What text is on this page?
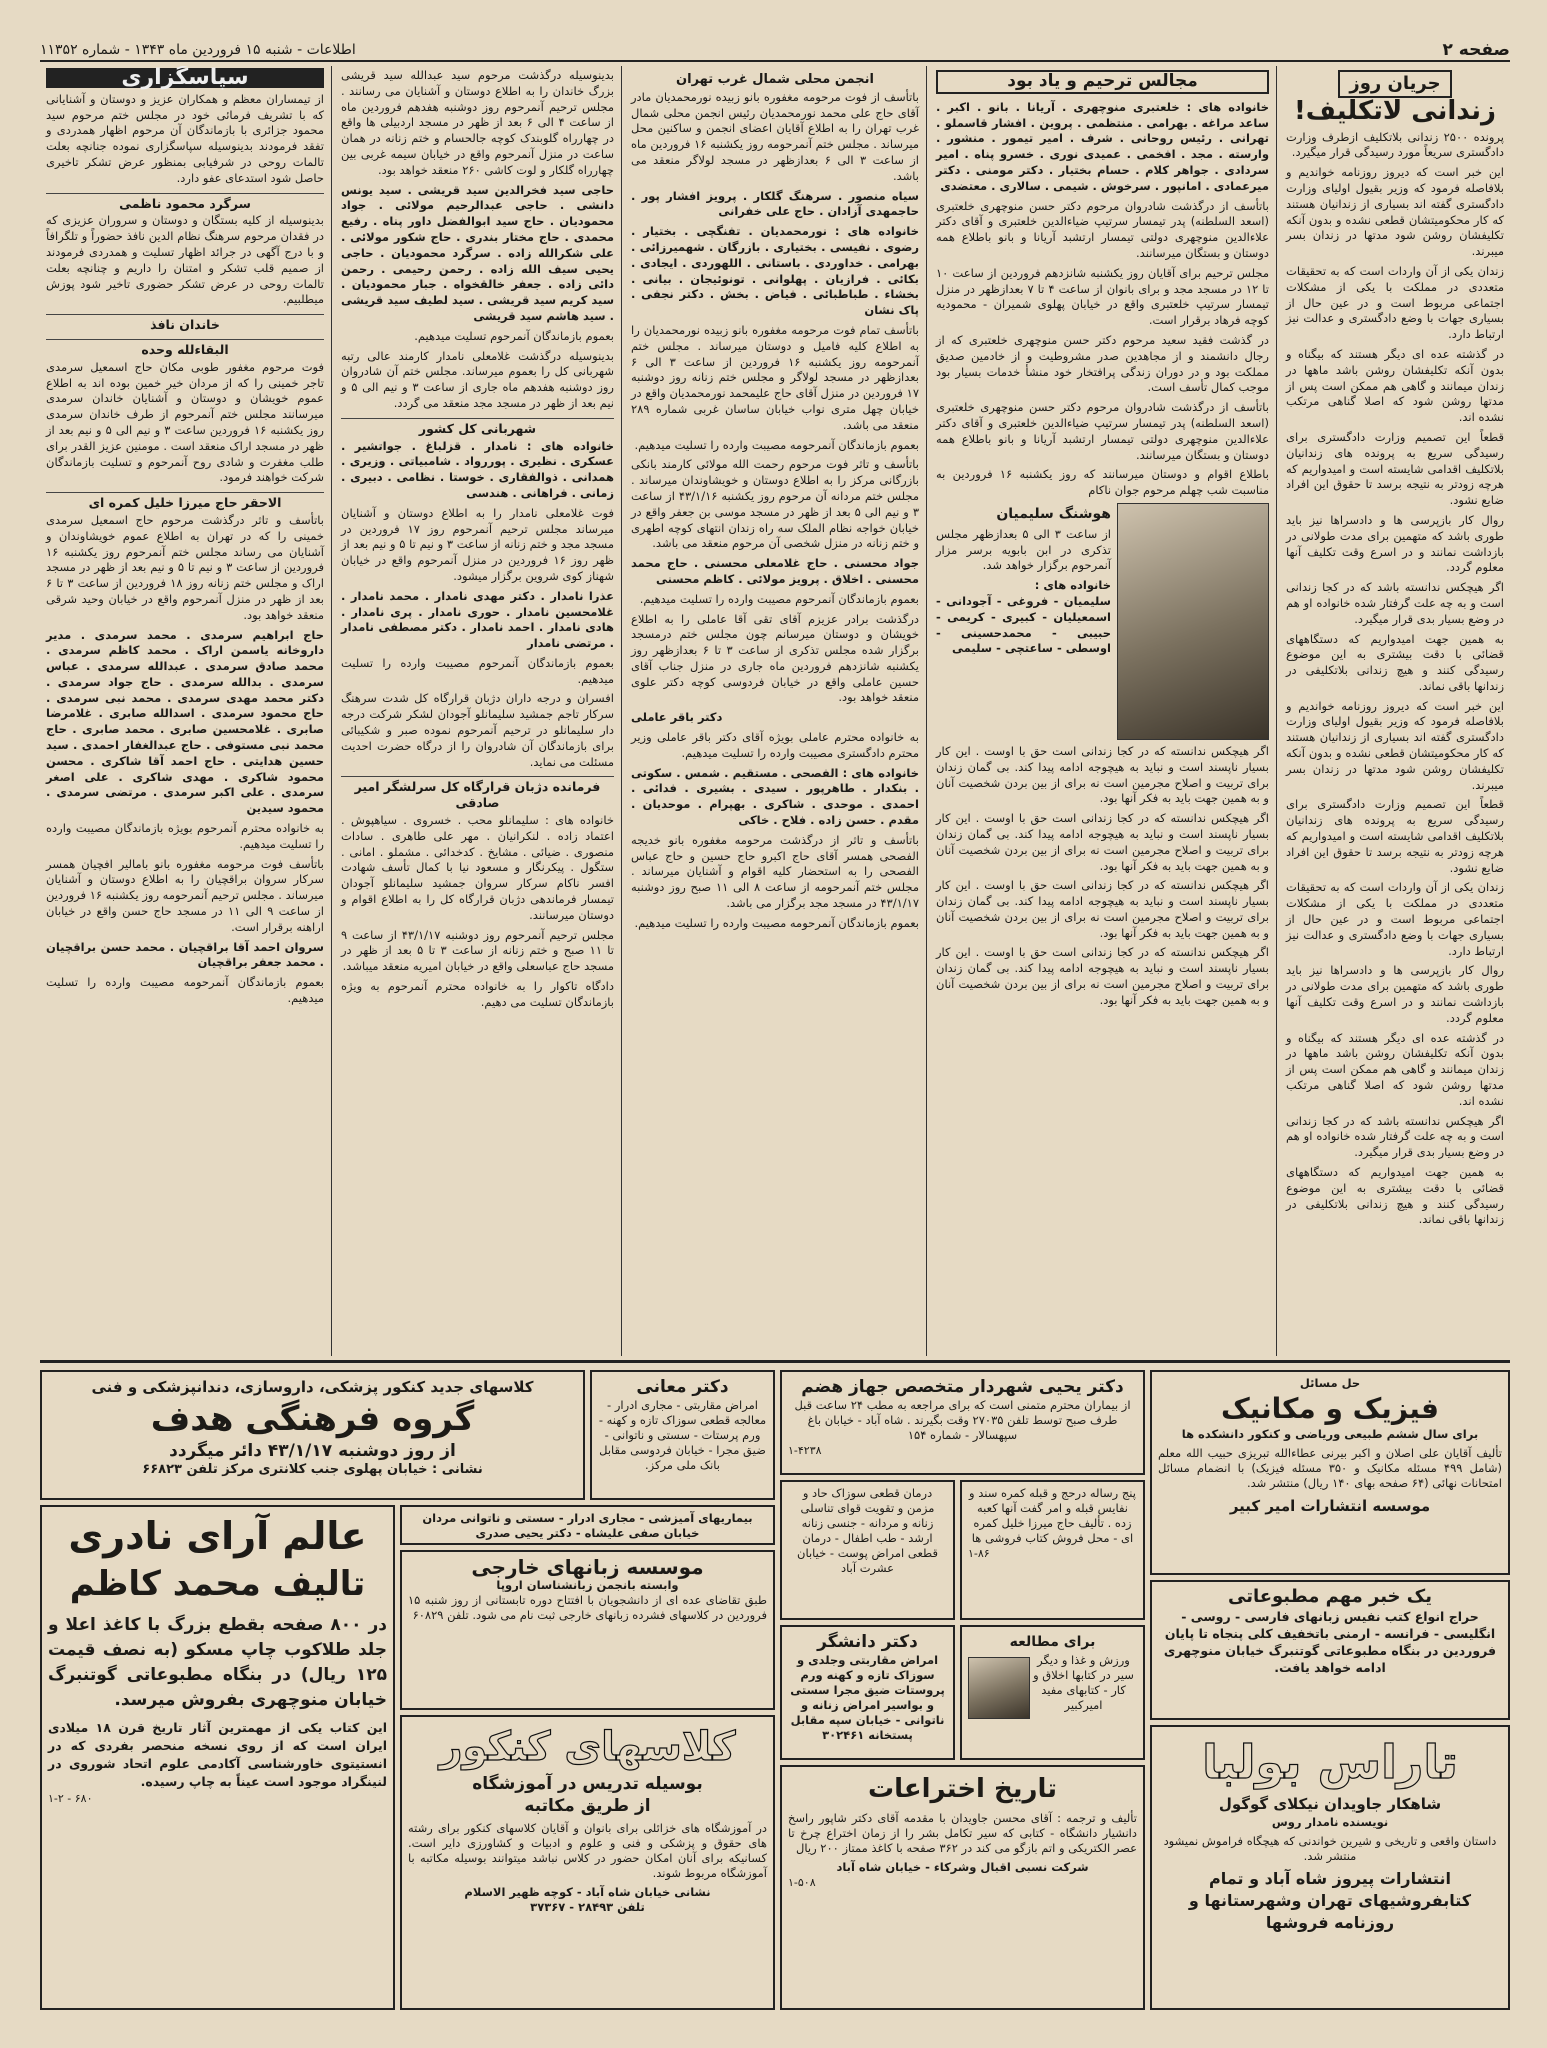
صفحه ۲
اطلاعات - شنبه ۱۵ فروردین ماه ۱۳۴۳ - شماره ۱۱۳۵۲
جریان روز
زندانی لاتکلیف!

پرونده ۲۵۰۰ زندانی بلاتکلیف ازطرف وزارت دادگستری سریعاً مورد رسیدگی قرار میگیرد.

این خبر است که دیروز روزنامه خواندیم و بلافاصله فرمود که وزیر بقیول اولیای وزارت دادگستری گفته اند بسیاری از زندانیان هستند که کار محکومیتشان قطعی نشده و بدون آنکه تکلیفشان روشن شود مدتها در زندان بسر میبرند.

زندان یکی از آن واردات است که به تحقیقات متعددی در مملکت با یکی از مشکلات اجتماعی مربوط است و در عین حال از بسیاری جهات با وضع دادگستری و عدالت نیز ارتباط دارد.

در گذشته عده ای دیگر هستند که بیگناه و بدون آنکه تکلیفشان روشن باشد ماهها در زندان میمانند و گاهی هم ممکن است پس از مدتها روشن شود که اصلا گناهی مرتکب نشده اند.

قطعاً این تصمیم وزارت دادگستری برای رسیدگی سریع به پرونده های زندانیان بلاتکلیف اقدامی شایسته است و امیدواریم که هرچه زودتر به نتیجه برسد تا حقوق این افراد ضایع نشود.

روال کار بازپرسی ها و دادسراها نیز باید طوری باشد که متهمین برای مدت طولانی در بازداشت نمانند و در اسرع وقت تکلیف آنها معلوم گردد.

اگر هیچکس ندانسته باشد که در کجا زندانی است و به چه علت گرفتار شده خانواده او هم در وضع بسیار بدی قرار میگیرد.

به همین جهت امیدواریم که دستگاههای قضائی با دقت بیشتری به این موضوع رسیدگی کنند و هیچ زندانی بلاتکلیفی در زندانها باقی نماند.

این خبر است که دیروز روزنامه خواندیم و بلافاصله فرمود که وزیر بقیول اولیای وزارت دادگستری گفته اند بسیاری از زندانیان هستند که کار محکومیتشان قطعی نشده و بدون آنکه تکلیفشان روشن شود مدتها در زندان بسر میبرند.

قطعاً این تصمیم وزارت دادگستری برای رسیدگی سریع به پرونده های زندانیان بلاتکلیف اقدامی شایسته است و امیدواریم که هرچه زودتر به نتیجه برسد تا حقوق این افراد ضایع نشود.

زندان یکی از آن واردات است که به تحقیقات متعددی در مملکت با یکی از مشکلات اجتماعی مربوط است و در عین حال از بسیاری جهات با وضع دادگستری و عدالت نیز ارتباط دارد.

روال کار بازپرسی ها و دادسراها نیز باید طوری باشد که متهمین برای مدت طولانی در بازداشت نمانند و در اسرع وقت تکلیف آنها معلوم گردد.

در گذشته عده ای دیگر هستند که بیگناه و بدون آنکه تکلیفشان روشن باشد ماهها در زندان میمانند و گاهی هم ممکن است پس از مدتها روشن شود که اصلا گناهی مرتکب نشده اند.

اگر هیچکس ندانسته باشد که در کجا زندانی است و به چه علت گرفتار شده خانواده او هم در وضع بسیار بدی قرار میگیرد.

به همین جهت امیدواریم که دستگاههای قضائی با دقت بیشتری به این موضوع رسیدگی کنند و هیچ زندانی بلاتکلیفی در زندانها باقی نماند.

مجالس ترحیم و یاد بود

خانواده های : خلعتبری منوچهری . آریانا . بانو . اکبر . ساعد مراغه . بهرامی . منتظمی . پروین . افشار قاسملو . تهرانی . رئیس روحانی . شرف . امیر تیمور . منشور . وارسته . مجد . افخمی . عمیدی نوری . خسرو پناه . امیر سردادی . جواهر کلام . حسام بختیار . دکتر مومنی . دکتر میرعمادی . امانپور . سرخوش . شیمی . سالاری . معتضدی

باتأسف از درگذشت شادروان مرحوم دکتر حسن منوچهری خلعتبری (اسعد السلطنه) پدر تیمسار سرتیپ ضیاءالدین خلعتبری و آقای دکتر علاءالدین منوچهری دولتی تیمسار ارتشبد آریانا و بانو باطلاع همه دوستان و بستگان میرسانند.

مجلس ترحیم برای آقایان روز یکشنبه شانزدهم فروردین از ساعت ۱۰ تا ۱۲ در مسجد مجد و برای بانوان از ساعت ۴ تا ۷ بعدازظهر در منزل تیمسار سرتیپ خلعتبری واقع در خیابان پهلوی شمیران - محمودیه کوچه فرهاد برقرار است.

در گذشت فقید سعید مرحوم دکتر حسن منوچهری خلعتبری که از رجال دانشمند و از مجاهدین صدر مشروطیت و از خادمین صدیق مملکت بود و در دوران زندگی پرافتخار خود منشأ خدمات بسیار بود موجب کمال تأسف است.

باتأسف از درگذشت شادروان مرحوم دکتر حسن منوچهری خلعتبری (اسعد السلطنه) پدر تیمسار سرتیپ ضیاءالدین خلعتبری و آقای دکتر علاءالدین منوچهری دولتی تیمسار ارتشبد آریانا و بانو باطلاع همه دوستان و بستگان میرسانند.

باطلاع اقوام و دوستان میرسانند که روز یکشنبه ۱۶ فروردین به مناسبت شب چهلم مرحوم جوان ناکام

هوشنگ سلیمیان

از ساعت ۳ الی ۵ بعدازظهر مجلس تذکری در ابن بابویه برسر مزار آنمرحوم برگزار خواهد شد.

خانواده های :

سلیمیان - فروغی - آجودانی - اسمعیلیان - کبیری - کریمی - حبیبی - محمدحسینی - اوسطی - ساعتچی - سلیمی

اگر هیچکس ندانسته که در کجا زندانی است حق با اوست . این کار بسیار ناپسند است و نباید به هیچوجه ادامه پیدا کند. بی گمان زندان برای تربیت و اصلاح مجرمین است نه برای از بین بردن شخصیت آنان و به همین جهت باید به فکر آنها بود.

اگر هیچکس ندانسته که در کجا زندانی است حق با اوست . این کار بسیار ناپسند است و نباید به هیچوجه ادامه پیدا کند. بی گمان زندان برای تربیت و اصلاح مجرمین است نه برای از بین بردن شخصیت آنان و به همین جهت باید به فکر آنها بود.

اگر هیچکس ندانسته که در کجا زندانی است حق با اوست . این کار بسیار ناپسند است و نباید به هیچوجه ادامه پیدا کند. بی گمان زندان برای تربیت و اصلاح مجرمین است نه برای از بین بردن شخصیت آنان و به همین جهت باید به فکر آنها بود.

اگر هیچکس ندانسته که در کجا زندانی است حق با اوست . این کار بسیار ناپسند است و نباید به هیچوجه ادامه پیدا کند. بی گمان زندان برای تربیت و اصلاح مجرمین است نه برای از بین بردن شخصیت آنان و به همین جهت باید به فکر آنها بود.

انجمن محلی شمال غرب تهران

باتأسف از فوت مرحومه مغفوره بانو زبیده نورمحمدیان مادر آقای حاج علی محمد نورمحمدیان رئیس انجمن محلی شمال غرب تهران را به اطلاع آقایان اعضای انجمن و ساکنین محل میرساند . مجلس ختم آنمرحومه روز یکشنبه ۱۶ فروردین ماه از ساعت ۳ الی ۶ بعدازظهر در مسجد لولاگر منعقد می باشد.

سیاه منصور . سرهنگ گلکار . پرویز افشار پور . حاجمهدی آزادان . حاج علی خفرانی

خانواده های : نورمحمدیان . تفنگچی . بختیار . رضوی . نفیسی . بختیاری . بازرگان . شهمیرزائی . بهرامی . خداوردی . باستانی . اللهوردی . ایجادی . بکائی . فرازیان . پهلوانی . تونوئیجان . بیانی . بخشاء . طباطبائی . فیاض . بخش . دکتر نجفی . پاک نشان

باتأسف تمام فوت مرحومه مغفوره بانو زبیده نورمحمدیان را به اطلاع کلیه فامیل و دوستان میرساند . مجلس ختم آنمرحومه روز یکشنبه ۱۶ فروردین از ساعت ۳ الی ۶ بعدازظهر در مسجد لولاگر و مجلس ختم زنانه روز دوشنبه ۱۷ فروردین در منزل آقای حاج علیمحمد نورمحمدیان واقع در خیابان چهل متری نواب خیابان ساسان غربی شماره ۲۸۹ منعقد می باشد.

بعموم بازماندگان آنمرحومه مصیبت وارده را تسلیت میدهیم.

باتأسف و تاثر فوت مرحوم رحمت الله مولائی کارمند بانکی بازرگانی مرکز را به اطلاع دوستان و خویشاوندان میرساند . مجلس ختم مردانه آن مرحوم روز یکشنبه ۴۳/۱/۱۶ از ساعت ۳ و نیم الی ۵ بعد از ظهر در مسجد موسی بن جعفر واقع در خیابان خواجه نظام الملک سه راه زندان انتهای کوچه اطهری و ختم زنانه در منزل شخصی آن مرحوم منعقد می باشد.

جواد محسنی . حاج غلامعلی محسنی . حاج محمد محسنی . اخلاق . پرویز مولائی . کاظم محسنی

بعموم بازماندگان آنمرحوم مصیبت وارده را تسلیت میدهیم.

درگذشت برادر عزیزم آقای تقی آقا عاملی را به اطلاع خویشان و دوستان میرسانم چون مجلس ختم درمسجد برگزار شده مجلس تذکری از ساعت ۳ تا ۶ بعدازظهر روز یکشنبه شانزدهم فروردین ماه جاری در منزل جناب آقای حسین عاملی واقع در خیابان فردوسی کوچه دکتر علوی منعقد خواهد بود.

دکتر باقر عاملی

به خانواده محترم عاملی بویژه آقای دکتر باقر عاملی وزیر محترم دادگستری مصیبت وارده را تسلیت میدهیم.

خانواده های : الفصحی . مستقیم . شمس . سکوتی . بنکدار . طاهرپور . سیدی . بشیری . فدائی . احمدی . موحدی . شاکری . بهپرام . موحدیان . مقدم . حسن زاده . فلاح . خاکی

باتأسف و تاثر از درگذشت مرحومه مغفوره بانو خدیجه الفصحی همسر آقای حاج اکبرو حاج حسین و حاج عباس الفصحی را به استحضار کلیه اقوام و آشنایان میرساند . مجلس ختم آنمرحومه از ساعت ۸ الی ۱۱ صبح روز دوشنبه ۴۳/۱/۱۷ در مسجد مجد برگزار می باشد.

بعموم بازماندگان آنمرحومه مصیبت وارده را تسلیت میدهیم.

بدینوسیله درگذشت مرحوم سید عبدالله سید قریشی بزرگ خاندان را به اطلاع دوستان و آشنایان می رسانند . مجلس ترحیم آنمرحوم روز دوشنبه هفدهم فروردین ماه از ساعت ۴ الی ۶ بعد از ظهر در مسجد اردبیلی ها واقع در چهارراه گلوبندک کوچه جالحسام و ختم زنانه در همان ساعت در منزل آنمرحوم واقع در خیابان سیمه غربی بین چهارراه گلکار و لوت کاشی ۲۶۰ منعقد خواهد بود.

حاجی سید فخرالدین سید قریشی . سید یونس دانشی . حاجی عبدالرحیم مولائی . جواد محمودیان . حاج سید ابوالفضل داور پناه . رفیع محمدی . حاج مختار بندری . حاج شکور مولائی . علی شکرالله زاده . سرگرد محمودیان . حاجی یحیی سیف الله زاده . رحمن رحیمی . رحمن دائی زاده . جعفر خالقخواه . جبار محمودیان . سید کریم سید قریشی . سید لطیف سید قریشی . سید هاشم سید قریشی

بعموم بازماندگان آنمرحوم تسلیت میدهیم.

بدینوسیله درگذشت غلامعلی نامدار کارمند عالی رتبه شهربانی کل را بعموم میرساند. مجلس ختم آن شادروان روز دوشنبه هفدهم ماه جاری از ساعت ۳ و نیم الی ۵ و نیم بعد از ظهر در مسجد مجد منعقد می گردد.

شهربانی کل کشور

خانواده های : نامدار . قزلباغ . جواتشیر . عسکری . نظیری . پوررواد . شامبیاتی . وزیری . همدانی . ذوالفقاری . خوستا . نظامی . دبیری . زمانی . فراهانی . هندسی

فوت غلامعلی نامدار را به اطلاع دوستان و آشنایان میرساند مجلس ترحیم آنمرحوم روز ۱۷ فروردین در مسجد مجد و ختم زنانه از ساعت ۳ و نیم تا ۵ و نیم بعد از ظهر روز ۱۶ فروردین در منزل آنمرحوم واقع در خیابان شهناز کوی شروین برگزار میشود.

عذرا نامدار . دکتر مهدی نامدار . محمد نامدار . غلامحسین نامدار . حوری نامدار . پری نامدار . هادی نامدار . احمد نامدار . دکتر مصطفی نامدار . مرتضی نامدار

بعموم بازماندگان آنمرحوم مصیبت وارده را تسلیت میدهیم.

افسران و درجه داران دژبان قرارگاه کل شدت سرهنگ سرکار تاجم جمشید سلیمانلو آجودان لشکر شرکت درجه دار سلیمانلو در ترحیم آنمرحوم نموده صبر و شکیبائی برای بازماندگان آن شادروان را از درگاه حضرت احدیت مسئلت می نماید.

فرمانده دژبان قرارگاه کل سرلشگر امیر صادقی

خانواده های : سلیمانلو محب . خسروی . سیاهپوش . اعتماد زاده . لنکرانیان . مهر علی طاهری . سادات منصوری . ضیائی . مشایخ . کدخدائی . مشملو . امانی . ستگول . پیکرنگار و مسعود نیا با کمال تأسف شهادت افسر ناکام سرکار سروان جمشید سلیمانلو آجودان تیمسار فرماندهی دژبان قرارگاه کل را به اطلاع اقوام و دوستان میرسانند.

مجلس ترحیم آنمرحوم روز دوشنبه ۴۳/۱/۱۷ از ساعت ۹ تا ۱۱ صبح و ختم زنانه از ساعت ۳ تا ۵ بعد از ظهر در مسجد حاج عباسعلی واقع در خیابان امیریه منعقد میباشد.

دادگاه تاکوار را به خانواده محترم آنمرحوم به ویژه بازماندگان تسلیت می دهیم.

سپاسگزاری

از تیمساران معظم و همکاران عزیز و دوستان و آشنایانی که با تشریف فرمائی خود در مجلس ختم مرحوم سید محمود جزائری با بازماندگان آن مرحوم اظهار همدردی و تفقد فرمودند بدینوسیله سپاسگزاری نموده جنانچه بعلت تالمات روحی در شرفیابی بمنظور عرض تشکر تاخیری حاصل شود استدعای عفو دارد.

سرگرد محمود ناظمی

بدینوسیله از کلیه بستگان و دوستان و سروران عزیزی که در فقدان مرحوم سرهنگ نظام الدین نافذ حضوراً و تلگرافاً و با درج آگهی در جرائد اظهار تسلیت و همدردی فرمودند از صمیم قلب تشکر و امتنان را داریم و چنانچه بعلت تالمات روحی در عرض تشکر حضوری تاخیر شود پوزش میطلبیم.

خاندان نافذ
البقاءلله وحده

فوت مرحوم مغفور طوبی مکان حاج اسمعیل سرمدی تاجر خمینی را که از مردان خیر خمین بوده اند به اطلاع عموم خویشان و دوستان و آشنایان خاندان سرمدی میرسانند مجلس ختم آنمرحوم از طرف خاندان سرمدی روز یکشنبه ۱۶ فروردین ساعت ۳ و نیم الی ۵ و نیم بعد از ظهر در مسجد اراک منعقد است . مومنین عزیز القدر برای طلب مغفرت و شادی روح آنمرحوم و تسلیت بازماندگان شرکت خواهند فرمود.

الاحقر حاج میرزا خلیل کمره ای

باتأسف و تاثر درگذشت مرحوم حاج اسمعیل سرمدی خمینی را که در تهران به اطلاع عموم خویشاوندان و آشنایان می رساند مجلس ختم آنمرحوم روز یکشنبه ۱۶ فروردین از ساعت ۳ و نیم تا ۵ و نیم بعد از ظهر در مسجد اراک و مجلس ختم زنانه روز ۱۸ فروردین از ساعت ۳ تا ۶ بعد از ظهر در منزل آنمرحوم واقع در خیابان وحید شرقی منعقد خواهد بود.

حاج ابراهیم سرمدی . محمد سرمدی . مدیر داروخانه یاسمن اراک . محمد کاظم سرمدی . محمد صادق سرمدی . عبدالله سرمدی . عباس سرمدی . بدالله سرمدی . حاج جواد سرمدی . دکتر محمد مهدی سرمدی . محمد نبی سرمدی . حاج محمود سرمدی . اسدالله صابری . غلامرضا صابری . غلامحسین صابری . محمد صابری . حاج محمد نبی مستوفی . حاج عبدالغفار احمدی . سید حسین هدایتی . حاج احمد آقا شاکری . محسن محمود شاکری . مهدی شاکری . علی اصغر سرمدی . علی اکبر سرمدی . مرتضی سرمدی . محمود سیدین

به خانواده محترم آنمرحوم بویژه بازماندگان مصیبت وارده را تسلیت میدهیم.

باتأسف فوت مرحومه مغفوره بانو بامالیر افچیان همسر سرکار سروان براقچیان را به اطلاع دوستان و آشنایان میرساند . مجلس ترحیم آنمرحومه روز یکشنبه ۱۶ فروردین از ساعت ۹ الی ۱۱ در مسجد حاج حسن واقع در خیابان اراهنه برقرار است.

سروان احمد آقا براقچیان . محمد حسن براقچیان . محمد جعفر براقچیان

بعموم بازماندگان آنمرحومه مصیبت وارده را تسلیت میدهیم.

حل مسائل
فیزیک و مکانیک
برای سال ششم طبیعی وریاضی و کنکور دانشکده ها
تألیف آقایان علی اصلان و اکبر بیرنی عطاءالله تبریزی حبیب الله معلم (شامل ۴۹۹ مسئله مکانیک و ۳۵۰ مسئله فیزیک) با انضمام مسائل امتحانات نهائی (۶۴ صفحه بهای ۱۴۰ ریال) منتشر شد.
موسسه انتشارات امیر کبیر
دکتر یحیی شهردار متخصص جهاز هضم
از بیماران محترم متمنی است که برای مراجعه به مطب ۲۴ ساعت قبل طرف صبح توسط تلفن ۲۷۰۳۵ وقت بگیرند . شاه آباد - خیابان باغ سپهسالار - شماره ۱۵۴
۱-۴۲۳۸
دکتر معانی
امراض مقاربتی - مجاری ادرار - معالجه قطعی سوزاک تازه و کهنه - ورم پرستات - سستی و ناتوانی - ضیق مجرا - خیابان فردوسی مقابل بانک ملی مرکز.
کلاسهای جدید کنکور پزشکی، داروسازی، دندانپزشکی و فنی
گروه فرهنگی هدف
از روز دوشنبه ۴۳/۱/۱۷ دائر میگردد
نشانی : خیابان پهلوی جنب کلانتری مرکز تلفن ۶۶۸۲۳
پنج رساله درحج و قبله کمره سند و نفایس قبله و امر گفت آنها کعبه زده . تألیف حاج میرزا خلیل کمره ای - محل فروش کتاب فروشی ها
۱-۸۶
درمان قطعی سوزاک حاد و مزمن و تقویت قوای تناسلی زنانه و مردانه - جنسی زنانه ارشد - طب اطفال - درمان قطعی امراض پوست - خیابان عشرت آباد
بیماریهای آمیزشی - مجاری ادرار - سستی و ناتوانی مردان خیابان صفی علیشاه - دکتر یحیی صدری
عالم آرای نادری
تالیف محمد کاظم
در ۸۰۰ صفحه بقطع بزرگ با کاغذ اعلا و جلد طلاکوب چاپ مسکو (به نصف قیمت ۱۲۵ ریال) در بنگاه مطبوعاتی گوتنبرگ خیابان منوچهری بفروش میرسد.
این کتاب یکی از مهمترین آثار تاریخ قرن ۱۸ میلادی ایران است که از روی نسخه منحصر بفردی که در انستیتوی خاورشناسی آکادمی علوم اتحاد شوروی در لنینگراد موجود است عیناً به چاپ رسیده.
۱-۲ - ۶۸۰
موسسه زبانهای خارجی
وابسته بانجمن زبانشناسان اروپا
طبق تقاضای عده ای از دانشجویان با افتتاح دوره تابستانی از روز شنبه ۱۵ فروردین در کلاسهای فشرده زبانهای خارجی ثبت نام می شود. تلفن ۶۰۸۲۹
دکتر دانشگر
امراض مقاربتی وجلدی و سوزاک تازه و کهنه ورم پروستات ضیق مجرا سستی و بواسیر امراض زنانه و ناتوانی - خیابان سپه مقابل پستخانه ۳۰۲۴۶۱
برای مطالعه
ورزش و غذا و دیگر سیر در کتابها اخلاق و کار - کتابهای مفید امیرکبیر
یک خبر مهم مطبوعاتی
حراج انواع کتب نفیس زبانهای فارسی - روسی - انگلیسی - فرانسه - ارمنی باتخفیف کلی پنجاه تا پایان فروردین در بنگاه مطبوعاتی گوتنبرگ خیابان منوچهری ادامه خواهد یافت.
کلاسهای کنکور
بوسیله تدریس در آموزشگاه
از طریق مکاتبه
در آموزشگاه های خزائلی برای بانوان و آقایان کلاسهای کنکور برای رشته های حقوق و پزشکی و فنی و علوم و ادبیات و کشاورزی دایر است. کسانیکه برای آنان امکان حضور در کلاس نباشد میتوانند بوسیله مکاتبه با آموزشگاه مربوط شوند.
نشانی خیابان شاه آباد - کوچه ظهیر الاسلام
تلفن ۲۸۴۹۳ - ۳۷۳۶۷
تاریخ اختراعات
تألیف و ترجمه : آقای محسن جاویدان با مقدمه آقای دکتر شاپور راسخ دانشیار دانشگاه - کتابی که سیر تکامل بشر را از زمان اختراع چرخ تا عصر الکتریکی و اتم بازگو می کند در ۳۶۲ صفحه با کاغذ ممتاز ۲۰۰ ریال
شرکت نسبی اقبال وشرکاء - خیابان شاه آباد
۱-۵۰۸
تاراس بولبا
شاهکار جاویدان نیکلای گوگول
نویسنده نامدار روس
داستان واقعی و تاریخی و شیرین خواندنی که هیچگاه فراموش نمیشود منتشر شد.
انتشارات پیروز شاه آباد و تمام کتابفروشیهای تهران وشهرستانها و روزنامه فروشها
